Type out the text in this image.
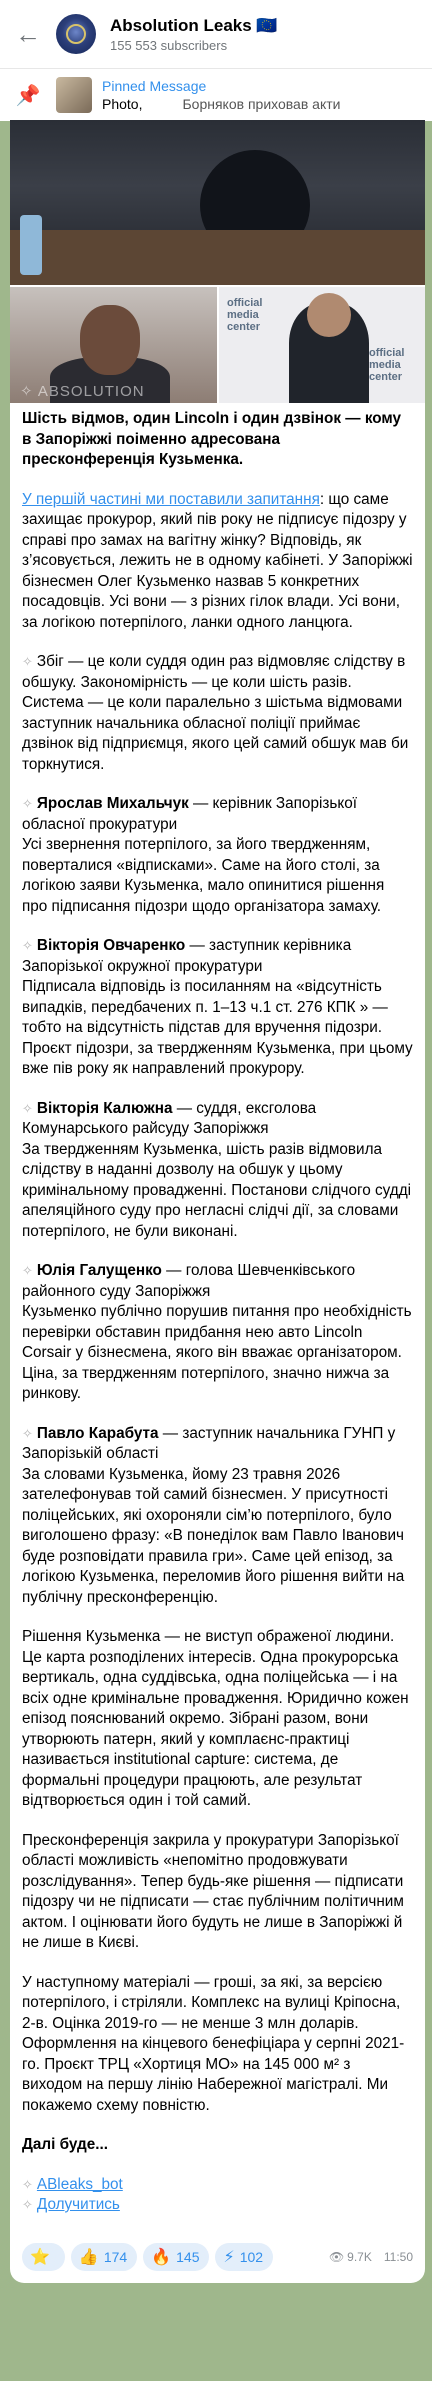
←	Absolution Leaks 🇪🇺
155 553 subscribers
📌	Pinned Message
Photo,	Борняков приховав акти
official media center
official media center
✧ ABSOLUTION

Шість відмов, один Lincoln і один дзвінок — кому в Запоріжжі поіменно адресована пресконференція Кузьменка.

У першій частині ми поставили запитання: що саме захищає прокурор, який пів року не підписує підозру у справі про замах на вагітну жінку? Відповідь, як з’ясовується, лежить не в одному кабінеті. У Запоріжжі бізнесмен Олег Кузьменко назвав 5 конкретних посадовців. Усі вони — з різних гілок влади. Усі вони, за логікою потерпілого, ланки одного ланцюга.

✧ Збіг — це коли суддя один раз відмовляє слідству в обшуку. Закономірність — це коли шість разів. Система — це коли паралельно з шістьма відмовами заступник начальника обласної поліції приймає дзвінок від підприємця, якого цей самий обшук мав би торкнутися.

✧ Ярослав Михальчук — керівник Запорізької обласної прокуратури
Усі звернення потерпілого, за його твердженням, поверталися «відписками». Саме на його столі, за логікою заяви Кузьменка, мало опинитися рішення про підписання підозри щодо організатора замаху.

✧ Вікторія Овчаренко — заступник керівника Запорізької окружної прокуратури
Підписала відповідь із посиланням на «відсутність випадків, передбачених п. 1–13 ч.1 ст. 276 КПК » — тобто на відсутність підстав для вручення підозри. Проєкт підозри, за твердженням Кузьменка, при цьому вже пів року як направлений прокурору.

✧ Вікторія Калюжна — суддя, ексголова Комунарського райсуду Запоріжжя
За твердженням Кузьменка, шість разів відмовила слідству в наданні дозволу на обшук у цьому кримінальному провадженні. Постанови слідчого судді апеляційного суду про негласні слідчі дії, за словами потерпілого, не були виконані.

✧ Юлія Галущенко — голова Шевченківського районного суду Запоріжжя
Кузьменко публічно порушив питання про необхідність перевірки обставин придбання нею авто Lincoln Corsair у бізнесмена, якого він вважає організатором. Ціна, за твердженням потерпілого, значно нижча за ринкову.

✧ Павло Карабута — заступник начальника ГУНП у Запорізькій області
За словами Кузьменка, йому 23 травня 2026 зателефонував той самий бізнесмен. У присутності поліцейських, які охороняли сім’ю потерпілого, було виголошено фразу: «В понеділок вам Павло Іванович буде розповідати правила гри». Саме цей епізод, за логікою Кузьменка, переломив його рішення вийти на публічну пресконференцію.

Рішення Кузьменка — не виступ ображеної людини. Це карта розподілених інтересів. Одна прокурорська вертикаль, одна суддівська, одна поліцейська — і на всіх одне кримінальне провадження. Юридично кожен епізод пояснюваний окремо. Зібрані разом, вони утворюють патерн, який у комплаєнс-практиці називається institutional capture: система, де формальні процедури працюють, але результат відтворюється один і той самий.

Пресконференція закрила у прокуратури Запорізької області можливість «непомітно продовжувати розслідування». Тепер будь-яке рішення — підписати підозру чи не підписати — стає публічним політичним актом. І оцінювати його будуть не лише в Запоріжжі й не лише в Києві.

У наступному матеріалі — гроші, за які, за версією потерпілого, і стріляли. Комплекс на вулиці Кріпосна, 2-в. Оцінка 2019-го — не менше 3 млн доларів. Оформлення на кінцевого бенефіціара у серпні 2021-го. Проєкт ТРЦ «Хортиця МО» на 145 000 м² з виходом на першу лінію Набережної магістралі. Ми покажемо схему повністю.

Далі буде...

✧ ABleaks_bot
✧ Долучитись

⭐ 👍 174 🔥 145 ⚡ 102	👁 9.7K 11:50
